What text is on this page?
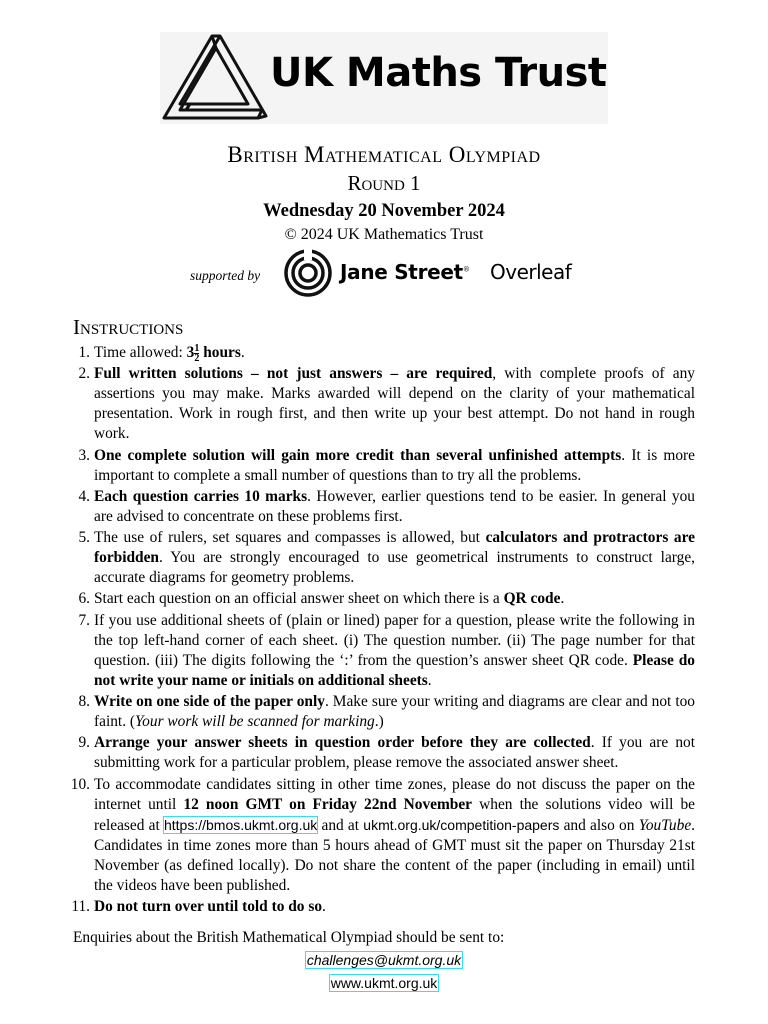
UK Maths Trust
British Mathematical Olympiad
Round 1
Wednesday 20 November 2024
© 2024 UK Mathematics Trust
supported by	Jane Street® Overleaf
Instructions
1. Time allowed: $3 \frac{1}{2}$ hours.
2. Full written solutions – not just answers – are required, with complete proofs of any assertions you may make. Marks awarded will depend on the clarity of your mathematical presentation. Work in rough first, and then write up your best attempt. Do not hand in rough work.
3. One complete solution will gain more credit than several unfinished attempts. It is more important to complete a small number of questions than to try all the problems.
4. Each question carries 10 marks. However, earlier questions tend to be easier. In general you are advised to concentrate on these problems first.
5. The use of rulers, set squares and compasses is allowed, but calculators and protractors are forbidden. You are strongly encouraged to use geometrical instruments to construct large, accurate diagrams for geometry problems.
6. Start each question on an official answer sheet on which there is a QR code.
7. If you use additional sheets of (plain or lined) paper for a question, please write the following in the top left-hand corner of each sheet. (i) The question number. (ii) The page number for that question. (iii) The digits following the ‘:’ from the question’s answer sheet QR code. Please do not write your name or initials on additional sheets.
8. Write on one side of the paper only. Make sure your writing and diagrams are clear and not too faint. (Your work will be scanned for marking.)
9. Arrange your answer sheets in question order before they are collected. If you are not submitting work for a particular problem, please remove the associated answer sheet.
10. To accommodate candidates sitting in other time zones, please do not discuss the paper on the internet until 12 noon GMT on Friday 22nd November when the solutions video will be released at https://bmos.ukmt.org.uk and at ukmt.org.uk/competition-papers and also on YouTube. Candidates in time zones more than 5 hours ahead of GMT must sit the paper on Thursday 21st November (as defined locally). Do not share the content of the paper (including in email) until the videos have been published.
11. Do not turn over until told to do so.
Enquiries about the British Mathematical Olympiad should be sent to:
challenges@ukmt.org.uk
www.ukmt.org.uk
